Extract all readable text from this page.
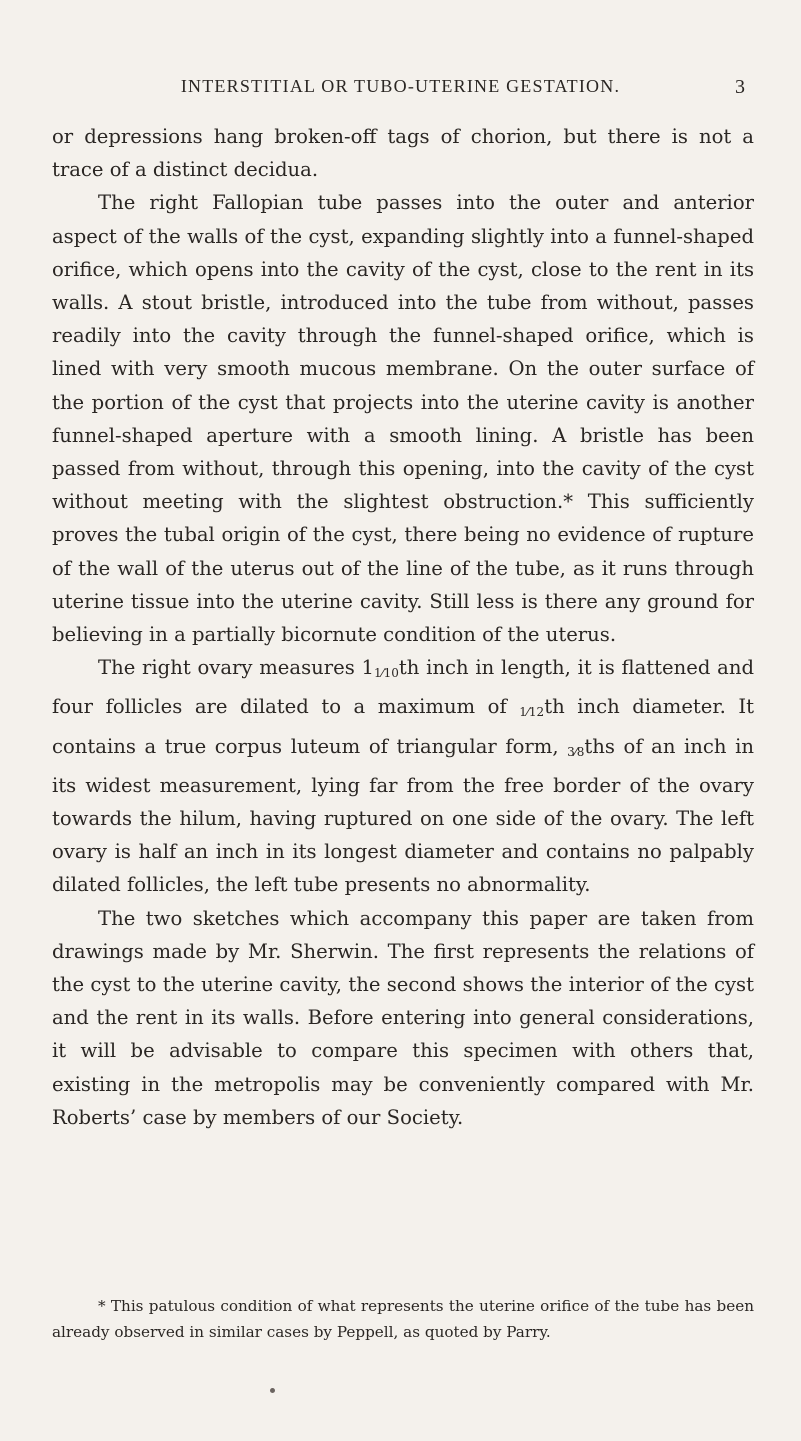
INTERSTITIAL OR TUBO-UTERINE GESTATION.	3

or depressions hang broken-off tags of chorion, but there is not a trace of a distinct decidua.

The right Fallopian tube passes into the outer and anterior aspect of the walls of the cyst, expanding slightly into a funnel-shaped orifice, which opens into the cavity of the cyst, close to the rent in its walls. A stout bristle, introduced into the tube from without, passes readily into the cavity through the funnel-shaped orifice, which is lined with very smooth mucous membrane. On the outer surface of the portion of the cyst that projects into the uterine cavity is another funnel-shaped aperture with a smooth lining. A bristle has been passed from without, through this opening, into the cavity of the cyst without meeting with the slightest obstruction.* This sufficiently proves the tubal origin of the cyst, there being no evidence of rupture of the wall of the uterus out of the line of the tube, as it runs through uterine tissue into the uterine cavity. Still less is there any ground for believing in a partially bicornute condition of the uterus.

The right ovary measures 11⁄10th inch in length, it is flattened and four follicles are dilated to a maximum of 1⁄12th inch diameter. It contains a true corpus luteum of triangular form, 3⁄8ths of an inch in its widest measurement, lying far from the free border of the ovary towards the hilum, having ruptured on one side of the ovary. The left ovary is half an inch in its longest diameter and contains no palpably dilated follicles, the left tube presents no abnormality.

The two sketches which accompany this paper are taken from drawings made by Mr. Sherwin. The first represents the relations of the cyst to the uterine cavity, the second shows the interior of the cyst and the rent in its walls. Before entering into general considerations, it will be advisable to compare this specimen with others that, existing in the metropolis may be conveniently compared with Mr. Roberts’ case by members of our Society.

* This patulous condition of what represents the uterine orifice of the tube has been already observed in similar cases by Peppell, as quoted by Parry.
